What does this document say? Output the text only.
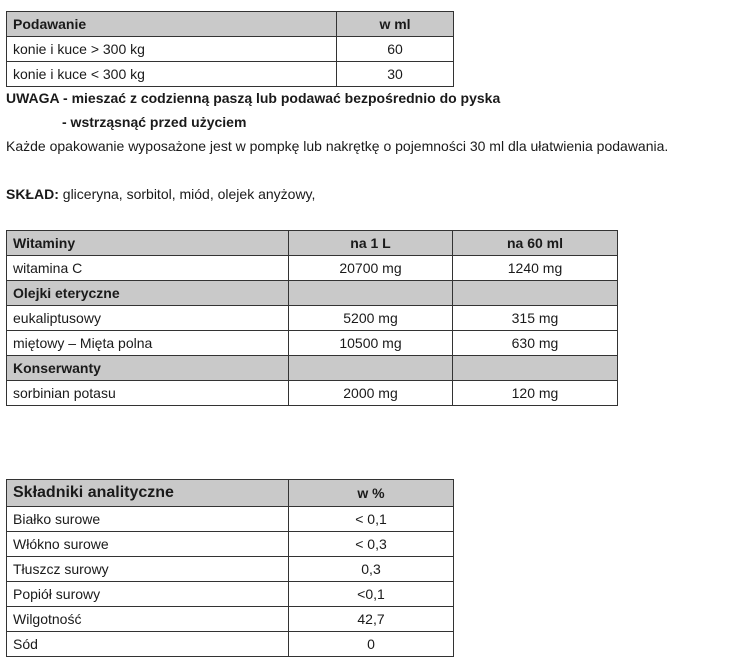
Podawanie	w ml
konie i kuce > 300 kg	60
konie i kuce < 300 kg	30
UWAGA - mieszać z codzienną paszą lub podawać bezpośrednio do pyska
- wstrząsnąć przed użyciem
Każde opakowanie wyposażone jest w pompkę lub nakrętkę o pojemności 30 ml dla ułatwienia podawania.
SKŁAD: gliceryna, sorbitol, miód, olejek anyżowy,
Witaminy	na 1 L	na 60 ml
witamina C	20700 mg	1240 mg
Olejki eteryczne		
eukaliptusowy	5200 mg	315 mg
miętowy – Mięta polna	10500 mg	630 mg
Konserwanty		
sorbinian potasu	2000 mg	120 mg
Składniki analityczne	w %
Białko surowe	< 0,1
Włókno surowe	< 0,3
Tłuszcz surowy	0,3
Popiół surowy	<0,1
Wilgotność	42,7
Sód	0
